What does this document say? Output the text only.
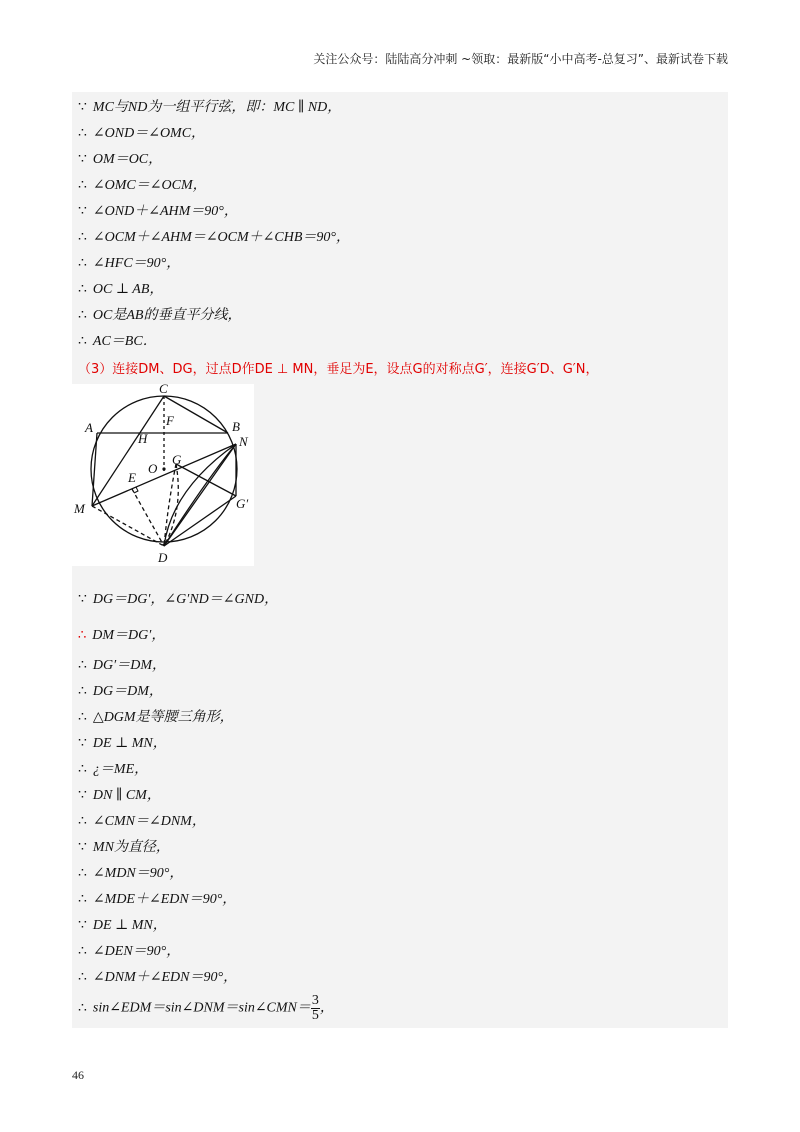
关注公众号：陆陆高分冲刺 ~领取：最新版“小中高考-总复习”、最新试卷下载
∵ MC与ND为一组平行弦，即：MC ∥ ND，
∴ ∠OND＝∠OMC，
∵ OM＝OC，
∴ ∠OMC＝∠OCM，
∵ ∠OND＋∠AHM＝90°，
∴ ∠OCM＋∠AHM＝∠OCM＋∠CHB＝90°，
∴ ∠HFC＝90°，
∴ OC ⊥ AB，
∴ OC是AB的垂直平分线，
∴ AC＝BC．
（3）连接DM、DG，过点D作DE ⊥ MN，垂足为E，设点G的对称点G′，连接G′D、G′N，
C
A	B
F
H	N
O
G
E
G′
M
D
∵ DG＝DG′，∠G′ND＝∠GND，
∴ DM＝DG′，
∴ DG′＝DM，
∴ DG＝DM，
∴ △DGM是等腰三角形，
∵ DE ⊥ MN，
∴ ¿＝ME，
∵ DN ∥ CM，
∴ ∠CMN＝∠DNM，
∵ MN为直径，
∴ ∠MDN＝90°，
∴ ∠MDE＋∠EDN＝90°，
∵ DE ⊥ MN，
∴ ∠DEN＝90°，
∴ ∠DNM＋∠EDN＝90°，
∴ sin∠EDM＝sin∠DNM＝sin∠CMN＝ $\frac{3}{5}$ ，
46
